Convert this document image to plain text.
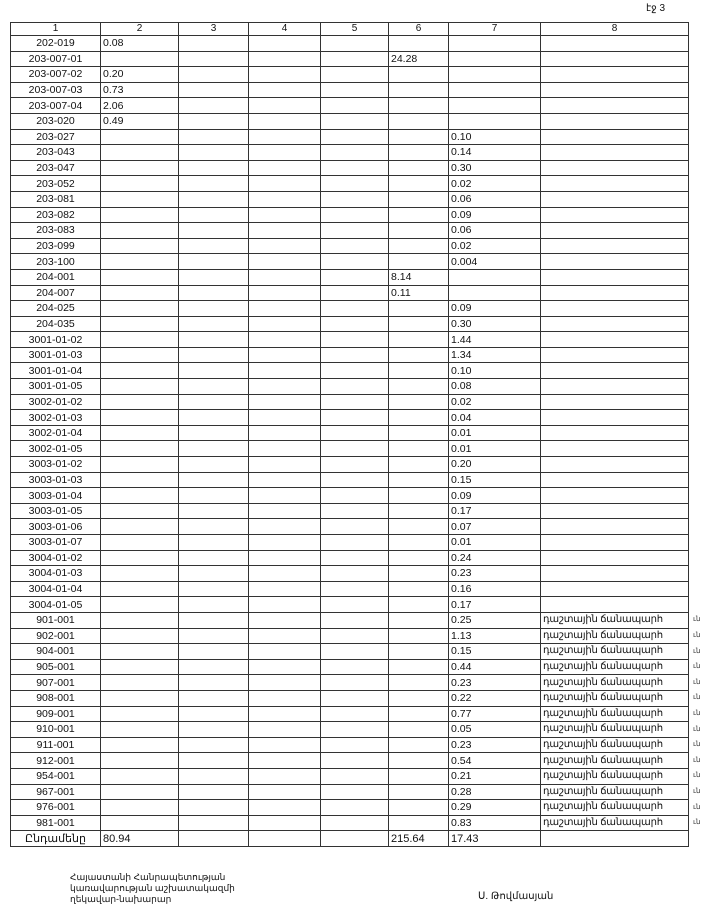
էջ 3
1	2	3	4	5	6	7	8
202-019	0.08						
203-007-01					24.28		
203-007-02	0.20						
203-007-03	0.73						
203-007-04	2.06						
203-020	0.49						
203-027						0.10	
203-043						0.14	
203-047						0.30	
203-052						0.02	
203-081						0.06	
203-082						0.09	
203-083						0.06	
203-099						0.02	
203-100						0.004	
204-001					8.14		
204-007					0.11		
204-025						0.09	
204-035						0.30	
3001-01-02						1.44	
3001-01-03						1.34	
3001-01-04						0.10	
3001-01-05						0.08	
3002-01-02						0.02	
3002-01-03						0.04	
3002-01-04						0.01	
3002-01-05						0.01	
3003-01-02						0.20	
3003-01-03						0.15	
3003-01-04						0.09	
3003-01-05						0.17	
3003-01-06						0.07	
3003-01-07						0.01	
3004-01-02						0.24	
3004-01-03						0.23	
3004-01-04						0.16	
3004-01-05						0.17	
901-001						0.25	դաշտային ճանապարհ
902-001						1.13	դաշտային ճանապարհ
904-001						0.15	դաշտային ճանապարհ
905-001						0.44	դաշտային ճանապարհ
907-001						0.23	դաշտային ճանապարհ
908-001						0.22	դաշտային ճանապարհ
909-001						0.77	դաշտային ճանապարհ
910-001						0.05	դաշտային ճանապարհ
911-001						0.23	դաշտային ճանապարհ
912-001						0.54	դաշտային ճանապարհ
954-001						0.21	դաշտային ճանապարհ
967-001						0.28	դաշտային ճանապարհ
976-001						0.29	դաշտային ճանապարհ
981-001						0.83	դաշտային ճանապարհ
Ընդամենը	80.94				215.64	17.43	
ւն
ւն
ւն
ւն
ւն
ւն
ւն
ւն
ւն
ւն
ւն
ւն
ւն
ւն
Հայաստանի Հանրապետության
կառավարության աշխատակազմի
ղեկավար-նախարար	Ս. Թովմասյան
